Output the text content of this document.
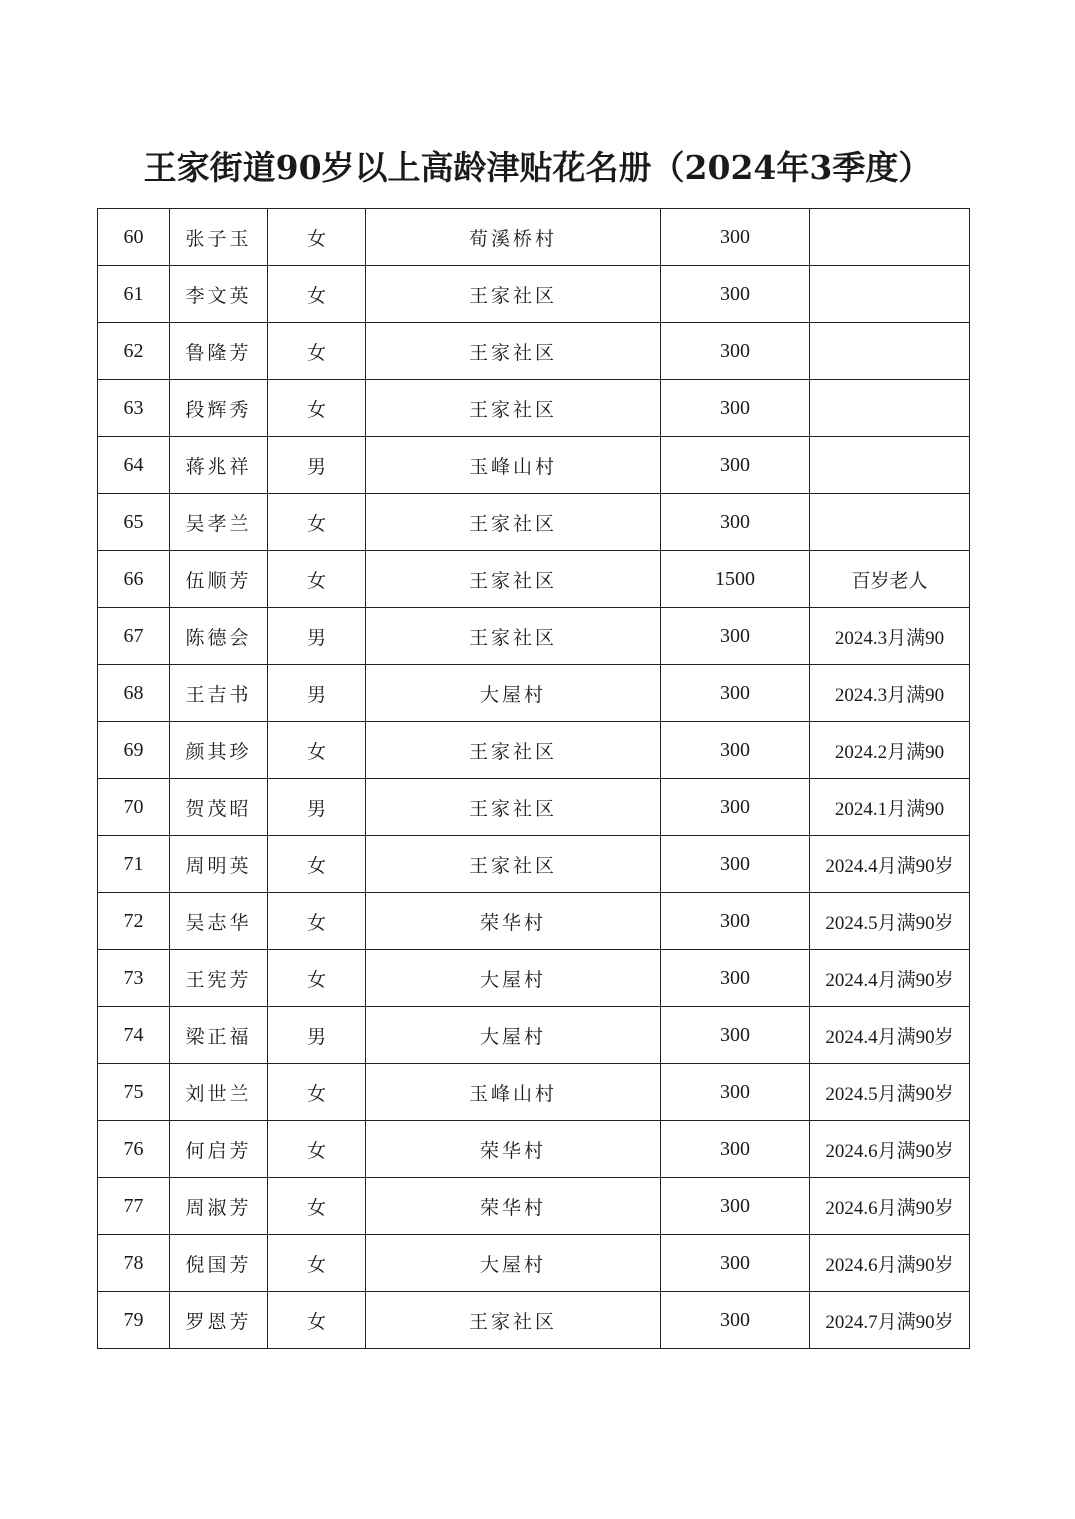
王家街道90岁以上高龄津贴花名册（2024年3季度）
60	张子玉	女	荀溪桥村	300	
61	李文英	女	王家社区	300	
62	鲁隆芳	女	王家社区	300	
63	段辉秀	女	王家社区	300	
64	蒋兆祥	男	玉峰山村	300	
65	吴孝兰	女	王家社区	300	
66	伍顺芳	女	王家社区	1500	百岁老人
67	陈德会	男	王家社区	300	2024.3月满90
68	王吉书	男	大屋村	300	2024.3月满90
69	颜其珍	女	王家社区	300	2024.2月满90
70	贺茂昭	男	王家社区	300	2024.1月满90
71	周明英	女	王家社区	300	2024.4月满90岁
72	吴志华	女	荣华村	300	2024.5月满90岁
73	王宪芳	女	大屋村	300	2024.4月满90岁
74	梁正福	男	大屋村	300	2024.4月满90岁
75	刘世兰	女	玉峰山村	300	2024.5月满90岁
76	何启芳	女	荣华村	300	2024.6月满90岁
77	周淑芳	女	荣华村	300	2024.6月满90岁
78	倪国芳	女	大屋村	300	2024.6月满90岁
79	罗恩芳	女	王家社区	300	2024.7月满90岁
